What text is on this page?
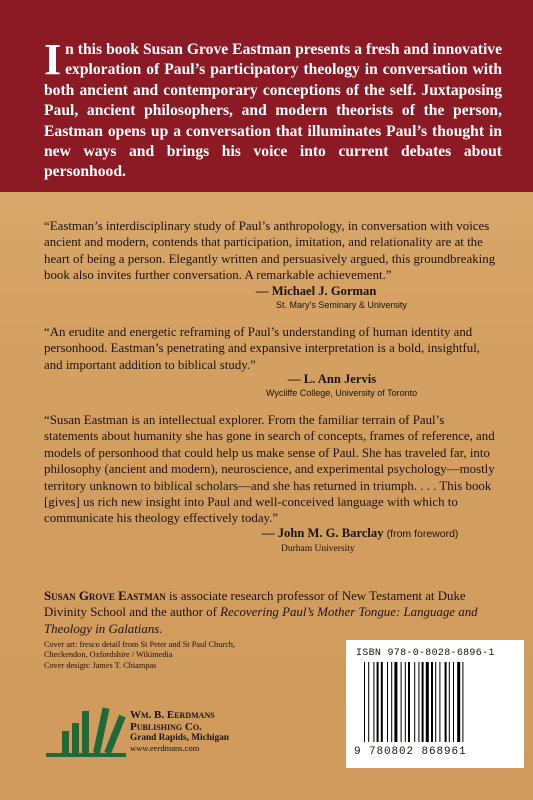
In this book Susan Grove Eastman presents a fresh and innovative exploration of Paul’s participatory theology in conversation with both ancient and contemporary conceptions of the self. Juxtaposing Paul, ancient philosophers, and modern theorists of the person, Eastman opens up a conversation that illuminates Paul’s thought in new ways and brings his voice into current debates about personhood.

“Eastman’s interdisciplinary study of Paul’s anthropology, in conversation with voices ancient and modern, contends that participation, imitation, and relationality are at the heart of being a person. Elegantly written and persuasively argued, this groundbreaking book also invites further conversation. A remarkable achievement.”

— Michael J. Gorman
St. Mary’s Seminary & University

“An erudite and energetic reframing of Paul’s understanding of human identity and personhood. Eastman’s penetrating and expansive interpretation is a bold, insightful, and important addition to biblical study.”

— L. Ann Jervis
Wycliffe College, University of Toronto

“Susan Eastman is an intellectual explorer. From the familiar terrain of Paul’s statements about humanity she has gone in search of concepts, frames of reference, and models of personhood that could help us make sense of Paul. She has traveled far, into philosophy (ancient and modern), neuroscience, and experimental psychology—mostly territory unknown to biblical scholars—and she has returned in triumph. . . . This book [gives] us rich new insight into Paul and well-conceived language with which to communicate his theology effectively today.”

— John M. G. Barclay (from foreword)
Durham University

Susan Grove Eastman is associate research professor of New Testament at Duke Divinity School and the author of Recovering Paul’s Mother Tongue: Language and Theology in Galatians.

Cover art: fresco detail from St Peter and St Paul Church,
Checkendon, Oxfordshire / Wikimedia
Cover design: James T. Chiampas
Wm. B. Eerdmans
Publishing Co.
Grand Rapids, Michigan
www.eerdmans.com
ISBN 978-0-8028-6896-1
9 780802 868961
